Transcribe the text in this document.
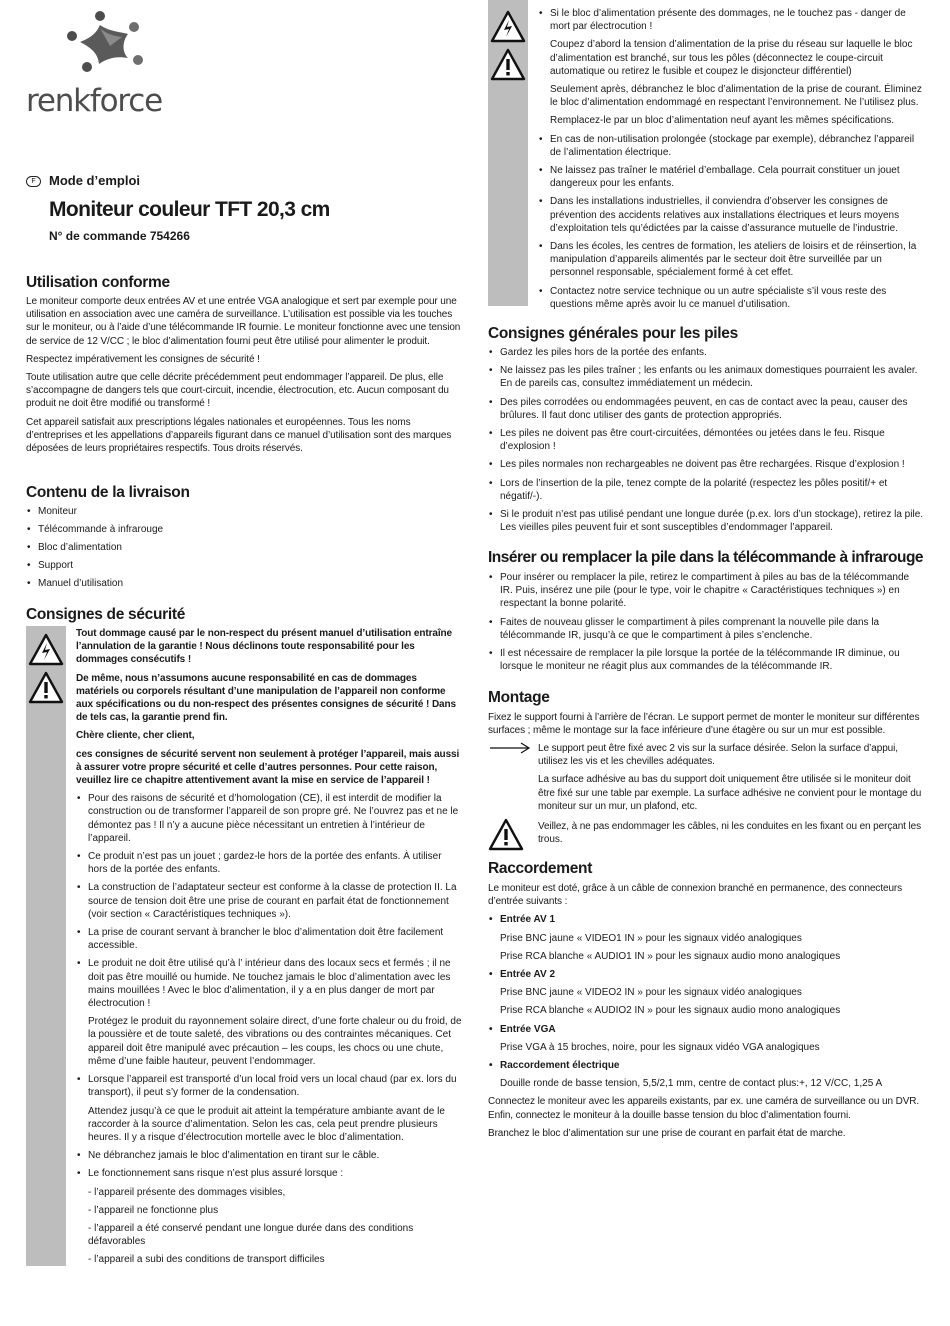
renkforce
F	Mode d’emploi
Moniteur couleur TFT 20,3 cm
N° de commande 754266
Utilisation conforme

Le moniteur comporte deux entrées AV et une entrée VGA analogique et sert par exemple pour une utilisation en association avec une caméra de surveillance. L’utilisation est possible via les touches sur le moniteur, ou à l’aide d’une télécommande IR fournie. Le moniteur fonctionne avec une tension de service de 12 V/CC ; le bloc d’alimentation fourni peut être utilisé pour alimenter le produit.

Respectez impérativement les consignes de sécurité !

Toute utilisation autre que celle décrite précédemment peut endommager l’appareil. De plus, elle s’accompagne de dangers tels que court-circuit, incendie, électrocution, etc. Aucun composant du produit ne doit être modifié ou transformé !

Cet appareil satisfait aux prescriptions légales nationales et européennes. Tous les noms d’entreprises et les appellations d’appareils figurant dans ce manuel d’utilisation sont des marques déposées de leurs propriétaires respectifs. Tous droits réservés.

Contenu de la livraison
• Moniteur
• Télécommande à infrarouge
• Bloc d’alimentation
• Support
• Manuel d’utilisation
Consignes de sécurité

Tout dommage causé par le non-respect du présent manuel d’utilisation entraîne l’annulation de la garantie ! Nous déclinons toute responsabilité pour les dommages consécutifs !

De même, nous n’assumons aucune responsabilité en cas de dommages matériels ou corporels résultant d’une manipulation de l’appareil non conforme aux spécifications ou du non-respect des présentes consignes de sécurité ! Dans de tels cas, la garantie prend fin.

Chère cliente, cher client,

ces consignes de sécurité servent non seulement à protéger l’appareil, mais aussi à assurer votre propre sécurité et celle d’autres personnes. Pour cette raison, veuillez lire ce chapitre attentivement avant la mise en service de l’appareil !

• Pour des raisons de sécurité et d’homologation (CE), il est interdit de modifier la construction ou de transformer l’appareil de son propre gré. Ne l’ouvrez pas et ne le démontez pas ! Il n’y a aucune pièce nécessitant un entretien à l’intérieur de l’appareil.
• Ce produit n’est pas un jouet ; gardez-le hors de la portée des enfants. À utiliser hors de la portée des enfants.
• La construction de l’adaptateur secteur est conforme à la classe de protection II. La source de tension doit être une prise de courant en parfait état de fonctionnement (voir section « Caractéristiques techniques »).
• La prise de courant servant à brancher le bloc d’alimentation doit être facilement accessible.
• Le produit ne doit être utilisé qu’à l’ intérieur dans des locaux secs et fermés ; il ne doit pas être mouillé ou humide. Ne touchez jamais le bloc d’alimentation avec les mains mouillées ! Avec le bloc d’alimentation, il y a en plus danger de mort par électrocution !

Protégez le produit du rayonnement solaire direct, d’une forte chaleur ou du froid, de la poussière et de toute saleté, des vibrations ou des contraintes mécaniques. Cet appareil doit être manipulé avec précaution – les coups, les chocs ou une chute, même d’une faible hauteur, peuvent l’endommager.

• Lorsque l’appareil est transporté d’un local froid vers un local chaud (par ex. lors du transport), il peut s’y former de la condensation.

Attendez jusqu’à ce que le produit ait atteint la température ambiante avant de le raccorder à la source d’alimentation. Selon les cas, cela peut prendre plusieurs heures. Il y a risque d’électrocution mortelle avec le bloc d’alimentation.

• Ne débranchez jamais le bloc d’alimentation en tirant sur le câble.
• Le fonctionnement sans risque n’est plus assuré lorsque :

- l’appareil présente des dommages visibles,

- l’appareil ne fonctionne plus

- l’appareil a été conservé pendant une longue durée dans des conditions défavorables

- l’appareil a subi des conditions de transport difficiles

• Si le bloc d’alimentation présente des dommages, ne le touchez pas - danger de mort par électrocution !

Coupez d’abord la tension d’alimentation de la prise du réseau sur laquelle le bloc d’alimentation est branché, sur tous les pôles (déconnectez le coupe-circuit automatique ou retirez le fusible et coupez le disjoncteur différentiel)

Seulement après, débranchez le bloc d’alimentation de la prise de courant. Éliminez le bloc d’alimentation endommagé en respectant l’environnement. Ne l’utilisez plus.

Remplacez-le par un bloc d’alimentation neuf ayant les mêmes spécifications.

• En cas de non-utilisation prolongée (stockage par exemple), débranchez l’appareil de l’alimentation électrique.
• Ne laissez pas traîner le matériel d’emballage. Cela pourrait constituer un jouet dangereux pour les enfants.
• Dans les installations industrielles, il conviendra d’observer les consignes de prévention des accidents relatives aux installations électriques et leurs moyens d’exploitation tels qu’édictées par la caisse d’assurance mutuelle de l’industrie.
• Dans les écoles, les centres de formation, les ateliers de loisirs et de réinsertion, la manipulation d’appareils alimentés par le secteur doit être surveillée par un personnel responsable, spécialement formé à cet effet.
• Contactez notre service technique ou un autre spécialiste s’il vous reste des questions même après avoir lu ce manuel d’utilisation.
Consignes générales pour les piles
• Gardez les piles hors de la portée des enfants.
• Ne laissez pas les piles traîner ; les enfants ou les animaux domestiques pourraient les avaler. En de pareils cas, consultez immédiatement un médecin.
• Des piles corrodées ou endommagées peuvent, en cas de contact avec la peau, causer des brûlures. Il faut donc utiliser des gants de protection appropriés.
• Les piles ne doivent pas être court-circuitées, démontées ou jetées dans le feu. Risque d’explosion !
• Les piles normales non rechargeables ne doivent pas être rechargées. Risque d’explosion !
• Lors de l’insertion de la pile, tenez compte de la polarité (respectez les pôles positif/+ et négatif/-).
• Si le produit n’est pas utilisé pendant une longue durée (p.ex. lors d’un stockage), retirez la pile. Les vieilles piles peuvent fuir et sont susceptibles d’endommager l’appareil.
Insérer ou remplacer la pile dans la télécommande à infrarouge
• Pour insérer ou remplacer la pile, retirez le compartiment à piles au bas de la télécommande IR. Puis, insérez une pile (pour le type, voir le chapitre « Caractéristiques techniques ») en respectant la bonne polarité.
• Faites de nouveau glisser le compartiment à piles comprenant la nouvelle pile dans la télécommande IR, jusqu’à ce que le compartiment à piles s’enclenche.
• Il est nécessaire de remplacer la pile lorsque la portée de la télécommande IR diminue, ou lorsque le moniteur ne réagit plus aux commandes de la télécommande IR.
Montage

Fixez le support fourni à l’arrière de l’écran. Le support permet de monter le moniteur sur différentes surfaces ; même le montage sur la face inférieure d’une étagère ou sur un mur est possible.

Le support peut être fixé avec 2 vis sur la surface désirée. Selon la surface d’appui, utilisez les vis et les chevilles adéquates.

La surface adhésive au bas du support doit uniquement être utilisée si le moniteur doit être fixé sur une table par exemple. La surface adhésive ne convient pour le montage du moniteur sur un mur, un plafond, etc.

Veillez, à ne pas endommager les câbles, ni les conduites en les fixant ou en perçant les trous.

Raccordement

Le moniteur est doté, grâce à un câble de connexion branché en permanence, des connecteurs d’entrée suivants :

• Entrée AV 1

Prise BNC jaune « VIDEO1 IN » pour les signaux vidéo analogiques

Prise RCA blanche « AUDIO1 IN » pour les signaux audio mono analogiques

• Entrée AV 2

Prise BNC jaune « VIDEO2 IN » pour les signaux vidéo analogiques

Prise RCA blanche « AUDIO2 IN » pour les signaux audio mono analogiques

• Entrée VGA

Prise VGA à 15 broches, noire, pour les signaux vidéo VGA analogiques

• Raccordement électrique

Douille ronde de basse tension, 5,5/2,1 mm, centre de contact plus:+, 12 V/CC, 1,25 A

Connectez le moniteur avec les appareils existants, par ex. une caméra de surveillance ou un DVR. Enfin, connectez le moniteur à la douille basse tension du bloc d’alimentation fourni.

Branchez le bloc d’alimentation sur une prise de courant en parfait état de marche.
